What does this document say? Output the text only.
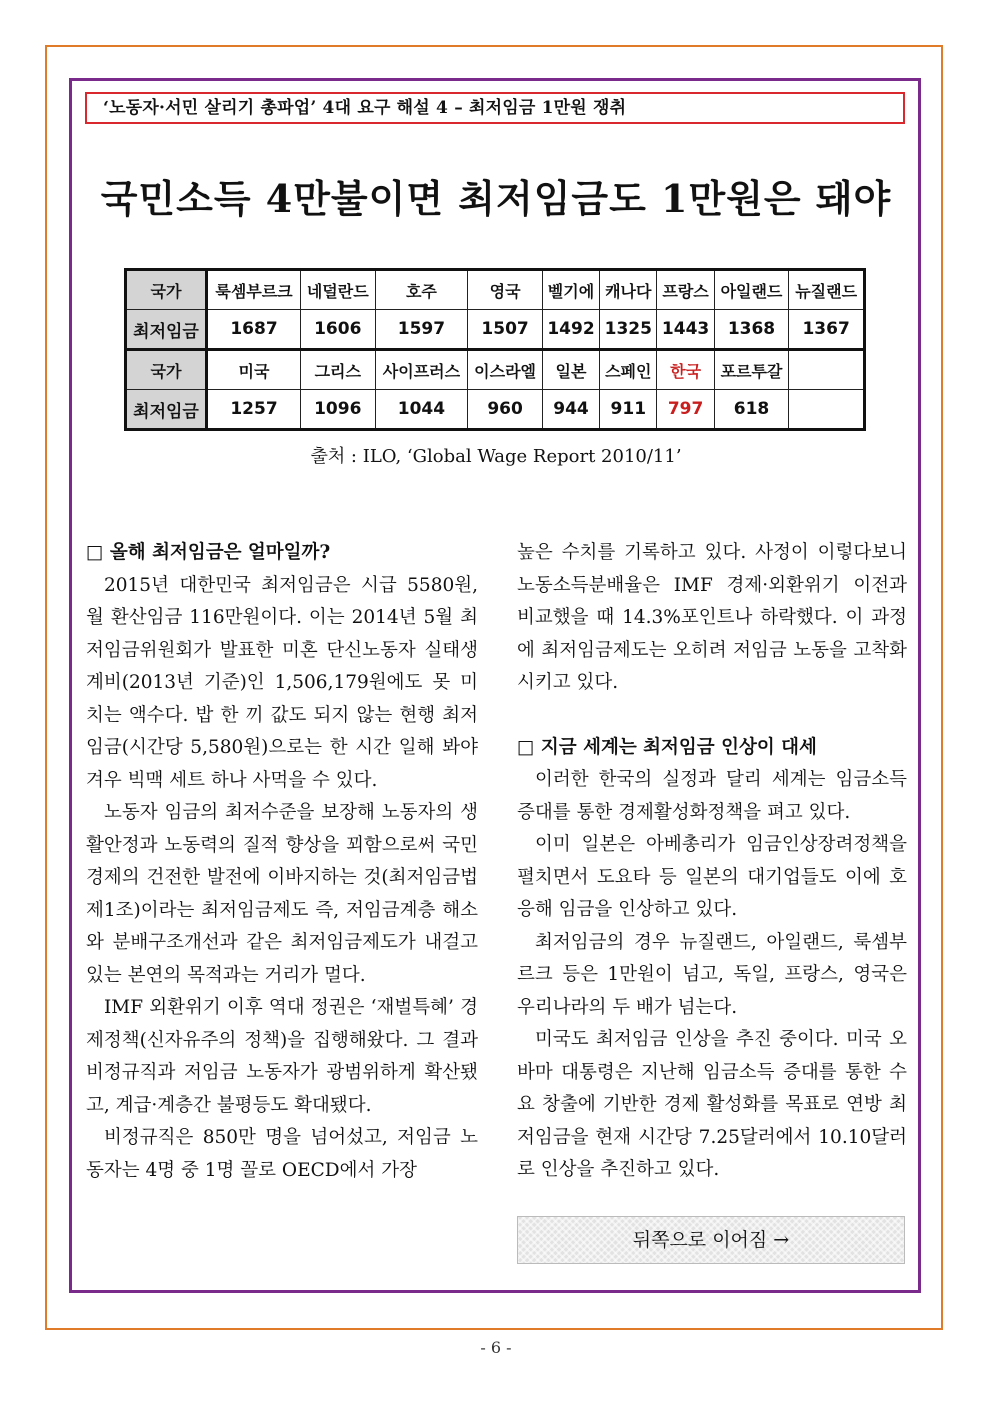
‘노동자·서민 살리기 총파업’ 4대 요구 해설 4 – 최저임금 1만원 쟁취
국민소득 4만불이면 최저임금도 1만원은 돼야
국가	룩셈부르크	네덜란드	호주	영국	벨기에	캐나다	프랑스	아일랜드	뉴질랜드
최저임금	1687	1606	1597	1507	1492	1325	1443	1368	1367
국가	미국	그리스	사이프러스	이스라엘	일본	스페인	한국	포르투갈	
최저임금	1257	1096	1044	960	944	911	797	618	
출처 : ILO, ‘Global Wage Report 2010/11’

□ 올해 최저임금은 얼마일까?

2015년 대한민국 최저임금은 시급 5580원, 월 환산임금 116만원이다. 이는 2014년 5월 최저임금위원회가 발표한 미혼 단신노동자 실태생계비(2013년 기준)인 1,506,179원에도 못 미치는 액수다. 밥 한 끼 값도 되지 않는 현행 최저임금(시간당 5,580원)으로는 한 시간 일해 봐야 겨우 빅맥 세트 하나 사먹을 수 있다.

노동자 임금의 최저수준을 보장해 노동자의 생활안정과 노동력의 질적 향상을 꾀함으로써 국민경제의 건전한 발전에 이바지하는 것(최저임금법 제1조)이라는 최저임금제도 즉, 저임금계층 해소와 분배구조개선과 같은 최저임금제도가 내걸고 있는 본연의 목적과는 거리가 멀다.

IMF 외환위기 이후 역대 정권은 ‘재벌특혜’ 경제정책(신자유주의 정책)을 집행해왔다. 그 결과비정규직과 저임금 노동자가 광범위하게 확산됐고, 계급·계층간 불평등도 확대됐다.

비정규직은 850만 명을 넘어섰고, 저임금 노동자는 4명 중 1명 꼴로 OECD에서 가장

높은 수치를 기록하고 있다. 사정이 이렇다보니 노동소득분배율은 IMF 경제·외환위기 이전과 비교했을 때 14.3%포인트나 하락했다. 이 과정에 최저임금제도는 오히려 저임금 노동을 고착화 시키고 있다.

□ 지금 세계는 최저임금 인상이 대세

이러한 한국의 실정과 달리 세계는 임금소득 증대를 통한 경제활성화정책을 펴고 있다.

이미 일본은 아베총리가 임금인상장려정책을 펼치면서 도요타 등 일본의 대기업들도 이에 호응해 임금을 인상하고 있다.

최저임금의 경우 뉴질랜드, 아일랜드, 룩셈부르크 등은 1만원이 넘고, 독일, 프랑스, 영국은 우리나라의 두 배가 넘는다.

미국도 최저임금 인상을 추진 중이다. 미국 오바마 대통령은 지난해 임금소득 증대를 통한 수요 창출에 기반한 경제 활성화를 목표로 연방 최저임금을 현재 시간당 7.25달러에서 10.10달러로 인상을 추진하고 있다.

뒤쪽으로 이어짐 →
- 6 -
